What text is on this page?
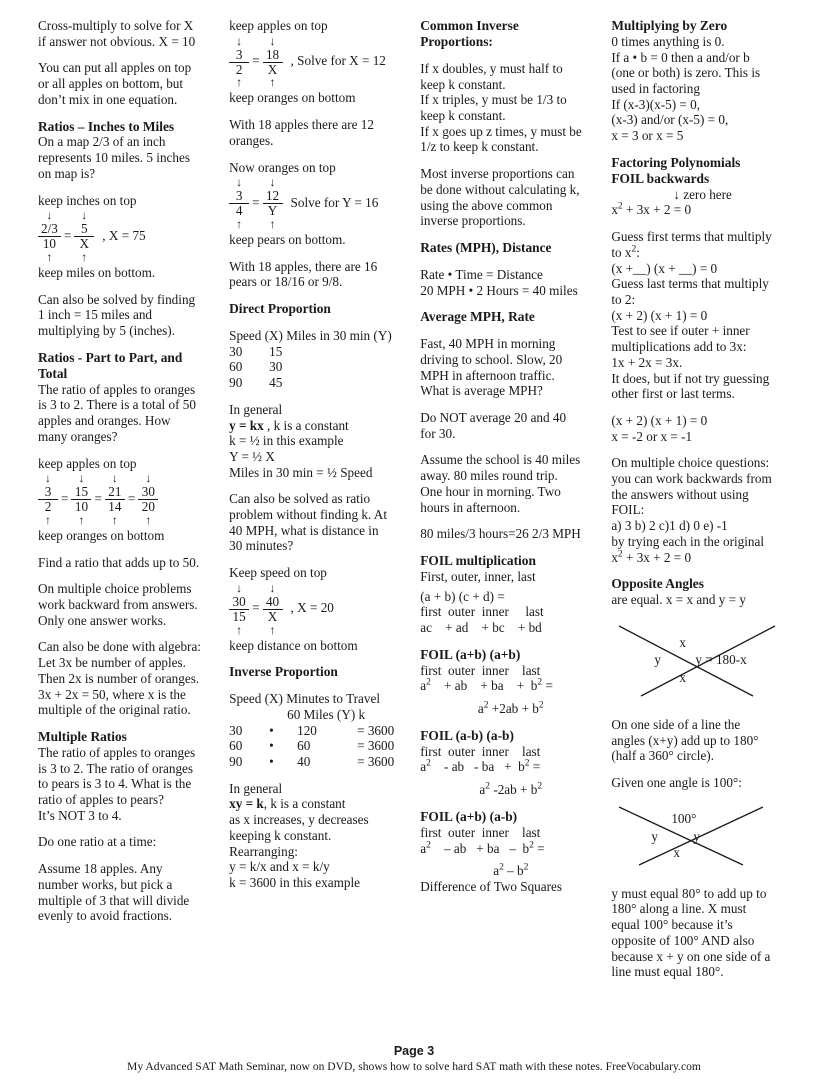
Cross-multiply to solve for X

if answer not obvious. X = 10

You can put all apples on top

or all apples on bottom, but

don’t mix in one equation.

Ratios – Inches to Miles

On a map 2/3 of an inch

represents 10 miles. 5 inches

on map is?

keep inches on top

↓
2/3
10
↑
=
↓
5
X
↑
, X = 75

keep miles on bottom.

Can also be solved by finding

1 inch = 15 miles and

multiplying by 5 (inches).

Ratios - Part to Part, and
Total

The ratio of apples to oranges

is 3 to 2. There is a total of 50

apples and oranges. How

many oranges?

keep apples on top

↓
3
2
↑
=
↓
15
10
↑
=
↓
21
14
↑
=
↓
30
20
↑

keep oranges on bottom

Find a ratio that adds up to 50.

On multiple choice problems

work backward from answers.

Only one answer works.

Can also be done with algebra:

Let 3x be number of apples.

Then 2x is number of oranges.

3x + 2x = 50, where x is the

multiple of the original ratio.

Multiple Ratios

The ratio of apples to oranges

is 3 to 2. The ratio of oranges

to pears is 3 to 4. What is the

ratio of apples to pears?

It’s NOT 3 to 4.

Do one ratio at a time:

Assume 18 apples. Any

number works, but pick a

multiple of 3 that will divide

evenly to avoid fractions.

keep apples on top

↓
3
2
↑
=
↓
18
X
↑
, Solve for X = 12

keep oranges on bottom

With 18 apples there are 12

oranges.

Now oranges on top

↓
3
4
↑
=
↓
12
Y
↑
Solve for Y = 16

keep pears on bottom.

With 18 apples, there are 16

pears or 18/16 or 9/8.

Direct Proportion

Speed (X) Miles in 30 min (Y)

30	15
60	30
90	45

In general

y = kx , k is a constant

k = ½ in this example

Y = ½ X

Miles in 30 min = ½ Speed

Can also be solved as ratio

problem without finding k. At

40 MPH, what is distance in

30 minutes?

Keep speed on top

↓
30
15
↑
=
↓
40
X
↑
, X = 20

keep distance on bottom

Inverse Proportion

Speed (X) Minutes to Travel

60 Miles (Y) k

30	•	120	= 3600
60	•	60	= 3600
90	•	40	= 3600

In general

xy = k, k is a constant

as x increases, y decreases

keeping k constant.

Rearranging:

y = k/x and x = k/y

k = 3600 in this example

Common Inverse
Proportions:

If x doubles, y must half to

keep k constant.

If x triples, y must be 1/3 to

keep k constant.

If x goes up z times, y must be

1/z to keep k constant.

Most inverse proportions can

be done without calculating k,

using the above common

inverse proportions.

Rates (MPH), Distance

Rate • Time = Distance

20 MPH • 2 Hours = 40 miles

Average MPH, Rate

Fast, 40 MPH in morning

driving to school. Slow, 20

MPH in afternoon traffic.

What is average MPH?

Do NOT average 20 and 40

for 30.

Assume the school is 40 miles

away. 80 miles round trip.

One hour in morning. Two

hours in afternoon.

80 miles/3 hours=26 2/3 MPH

FOIL multiplication

First, outer, inner, last

(a + b) (c + d) =

first  outer  inner     last

ac    + ad    + bc    + bd

FOIL (a+b) (a+b)

first  outer  inner    last

$a^2$    + ab    + ba    +  $b^2$ =

$a^2 +2ab + b^2$

FOIL (a-b) (a-b)

first  outer  inner    last

$a^2$    - ab   - ba   +  $b^2$ =

$a^2$ $-2ab + b^2$

FOIL (a+b) (a-b)

first  outer  inner    last

$a^2$    – ab   + ba   –  $b^2$ =

$a^2 - b^2$

Difference of Two Squares

Multiplying by Zero

0 times anything is 0.

If a • b = 0 then a and/or b

(one or both) is zero. This is

used in factoring

If (x-3)(x-5) = 0,

(x-3) and/or (x-5) = 0,

x = 3 or x = 5

Factoring Polynomials
FOIL backwards

↓ zero here

$x^2 + 3x + 2 = 0$

Guess first terms that multiply

to $x^2$:

(x +__) (x + __) = 0

Guess last terms that multiply

to 2:

(x + 2) (x + 1) = 0

Test to see if outer + inner

multiplications add to 3x:

1x + 2x = 3x.

It does, but if not try guessing

other first or last terms.

(x + 2) (x + 1) = 0

x = -2 or x = -1

On multiple choice questions:

you can work backwards from

the answers without using

FOIL:

a) 3 b) 2 c)1 d) 0 e) -1

by trying each in the original

$x^2 + 3x + 2 = 0$

Opposite Angles

are equal. x = x and y = y

x
y	y = 180-x
x

On one side of a line the

angles (x+y) add up to 180°

(half a 360° circle).

Given one angle is 100°:

100°
y	y
x

y must equal 80° to add up to

180° along a line. X must

equal 100° because it’s

opposite of 100° AND also

because x + y on one side of a

line must equal 180°.

Page 3
My Advanced SAT Math Seminar, now on DVD, shows how to solve hard SAT math with these notes. FreeVocabulary.com
